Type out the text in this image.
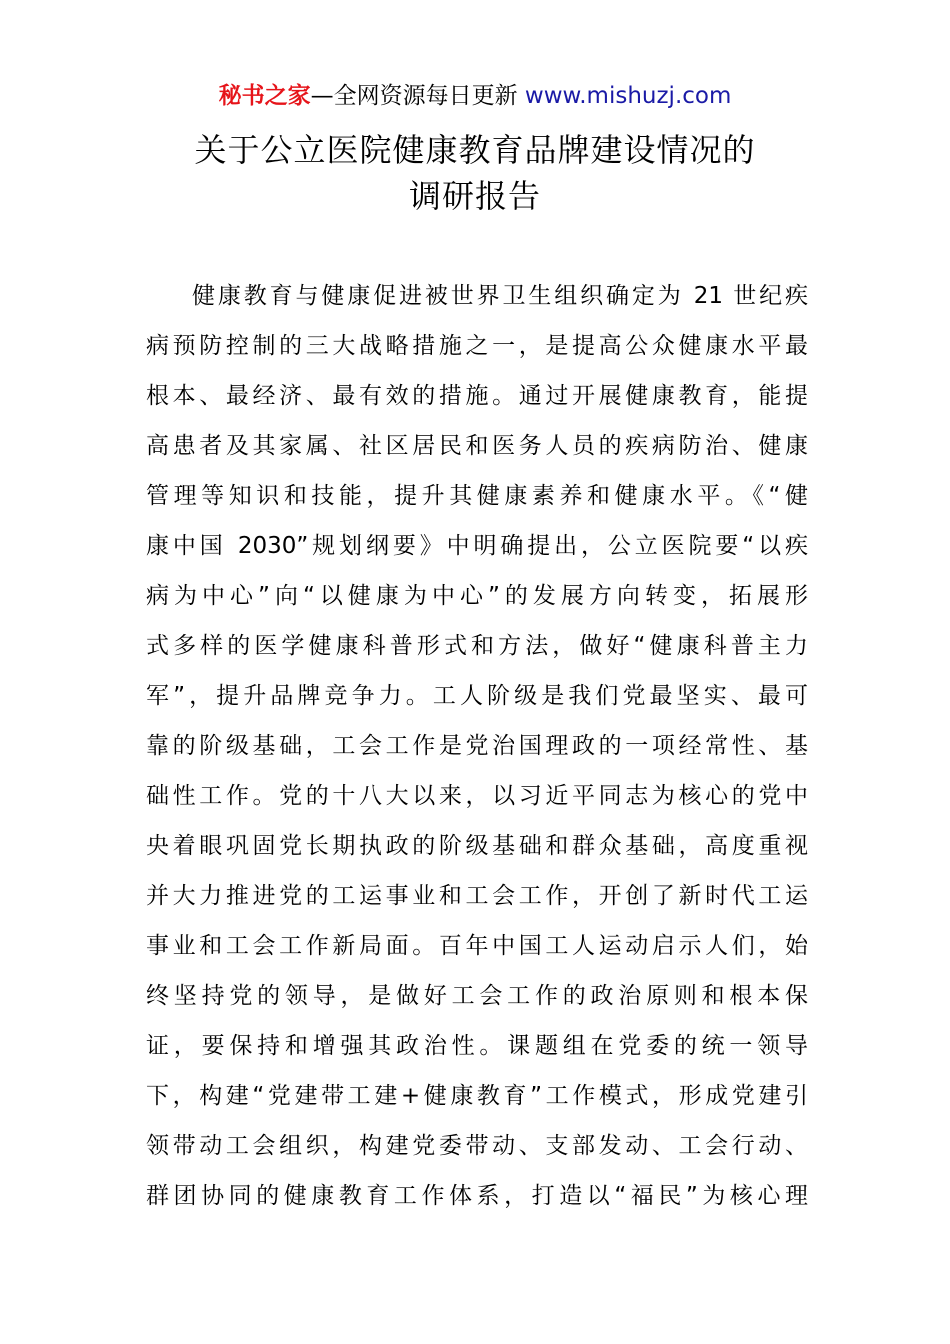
秘书之家—全网资源每日更新 www.mishuzj.com
关于公立医院健康教育品牌建设情况的
调研报告
健康教育与健康促进被世界卫生组织确定为 21 世纪疾
病预防控制的三大战略措施之一，是提高公众健康水平最
根本、最经济、最有效的措施。通过开展健康教育，能提
高患者及其家属、社区居民和医务人员的疾病防治、健康
管理等知识和技能，提升其健康素养和健康水平。《“健
康中国 2030”规划纲要》中明确提出，公立医院要“以疾
病为中心”向“以健康为中心”的发展方向转变，拓展形
式多样的医学健康科普形式和方法，做好“健康科普主力
军”，提升品牌竞争力。工人阶级是我们党最坚实、最可
靠的阶级基础，工会工作是党治国理政的一项经常性、基
础性工作。党的十八大以来，以习近平同志为核心的党中
央着眼巩固党长期执政的阶级基础和群众基础，高度重视
并大力推进党的工运事业和工会工作，开创了新时代工运
事业和工会工作新局面。百年中国工人运动启示人们，始
终坚持党的领导，是做好工会工作的政治原则和根本保
证，要保持和增强其政治性。课题组在党委的统一领导
下，构建“党建带工建+健康教育”工作模式，形成党建引
领带动工会组织，构建党委带动、支部发动、工会行动、
群团协同的健康教育工作体系，打造以“福民”为核心理
